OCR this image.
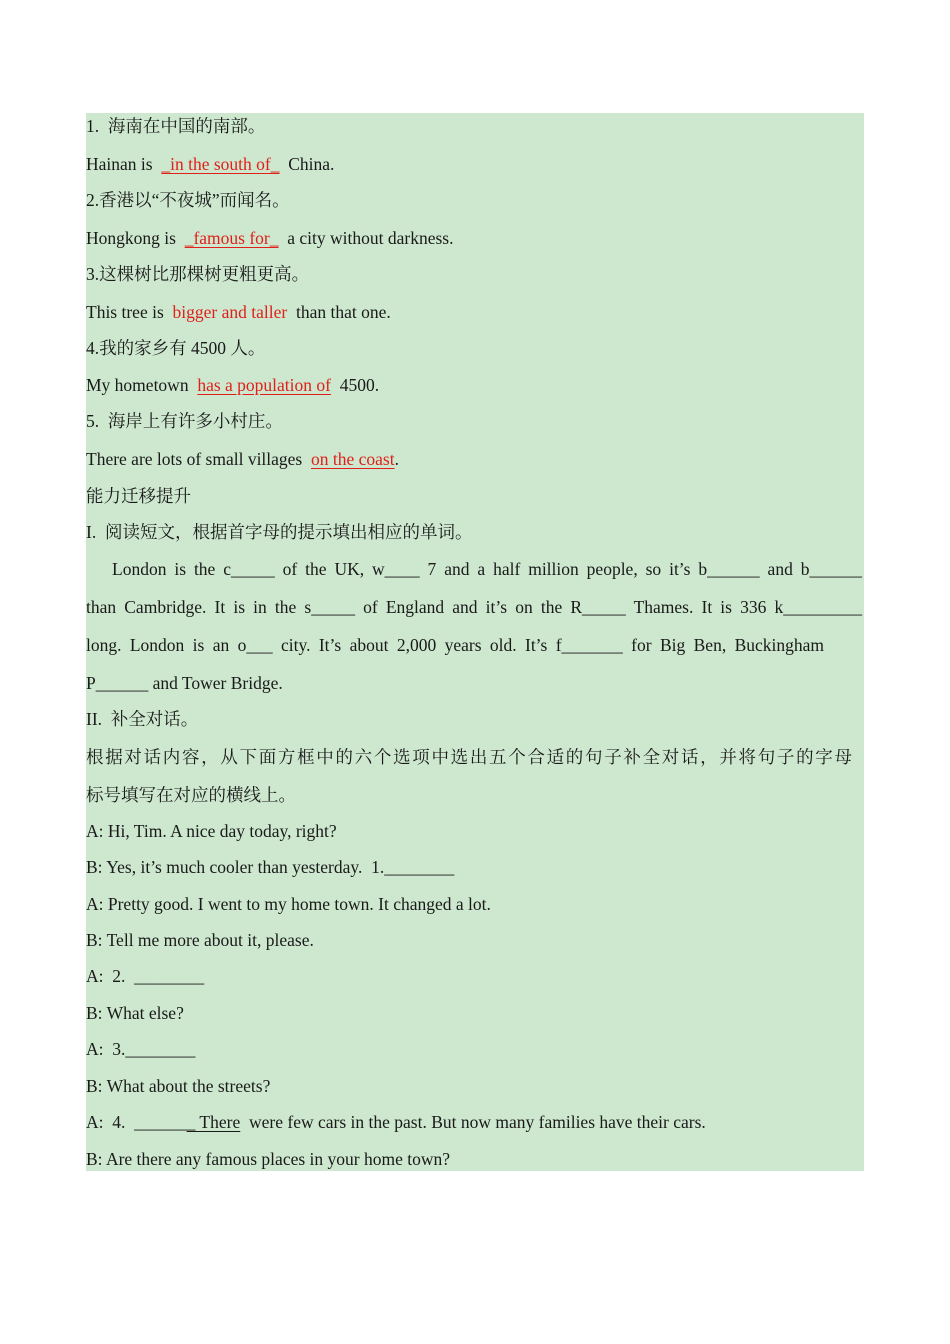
1.  海南在中国的南部。
Hainan is  _in the south of_  China.
2.香港以“不夜城”而闻名。
Hongkong is  _famous for_  a city without darkness.
3.这棵树比那棵树更粗更高。
This tree is  bigger and taller  than that one.
4.我的家乡有 4500 人。
My hometown  has a population of  4500.
5.  海岸上有许多小村庄。
There are lots of small villages  on the coast.
能力迁移提升
I.  阅读短文，根据首字母的提示填出相应的单词。
London is the c_____ of the UK, w____ 7 and a half million people, so it’s b______ and b______
than Cambridge. It is in the s_____ of England and it’s on the R_____ Thames. It is 336 k_________
long. London is an o___ city. It’s about 2,000 years old. It’s f_______ for Big Ben, Buckingham
P______ and Tower Bridge.
II.  补全对话。
根据对话内容，从下面方框中的六个选项中选出五个合适的句子补全对话，并将句子的字母
标号填写在对应的横线上。
A: Hi, Tim. A nice day today, right?
B: Yes, it’s much cooler than yesterday.  1.________
A: Pretty good. I went to my home town. It changed a lot.
B: Tell me more about it, please.
A:  2.  ________
B: What else?
A:  3.________
B: What about the streets?
A:  4.  _______ There  were few cars in the past. But now many families have their cars.
B: Are there any famous places in your home town?
